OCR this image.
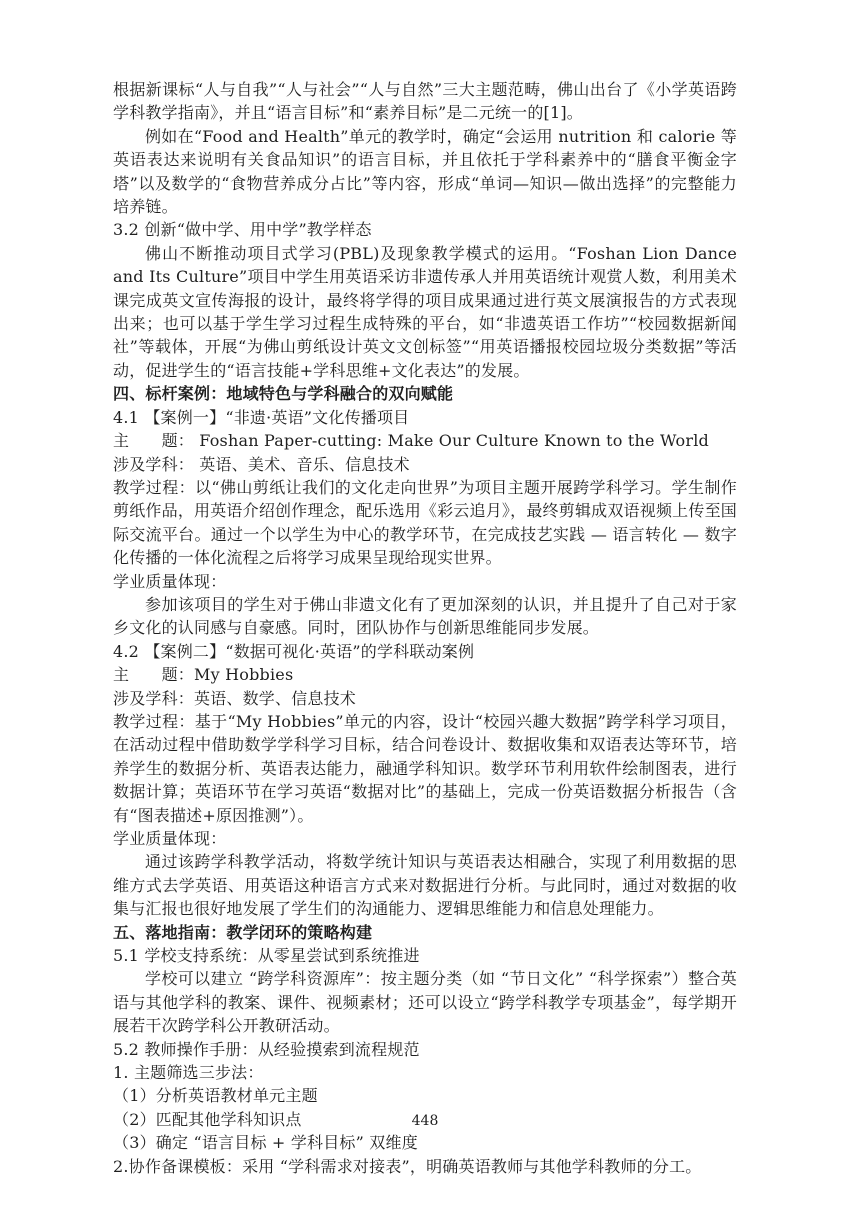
根据新课标“人与自我”“人与社会”“人与自然”三大主题范畴，佛山出台了《小学英语跨学科教学指南》，并且“语言目标”和“素养目标”是二元统一的[1]。

例如在“Food and Health”单元的教学时，确定“会运用 nutrition 和 calorie 等英语表达来说明有关食品知识”的语言目标，并且依托于学科素养中的“膳食平衡金字塔”以及数学的“食物营养成分占比”等内容，形成“单词—知识—做出选择”的完整能力培养链。

3.2 创新“做中学、用中学”教学样态

佛山不断推动项目式学习(PBL)及现象教学模式的运用。“Foshan Lion Dance and Its Culture”项目中学生用英语采访非遗传承人并用英语统计观赏人数，利用美术课完成英文宣传海报的设计，最终将学得的项目成果通过进行英文展演报告的方式表现出来；也可以基于学生学习过程生成特殊的平台，如“非遗英语工作坊”“校园数据新闻社”等载体，开展“为佛山剪纸设计英文文创标签”“用英语播报校园垃圾分类数据”等活动，促进学生的“语言技能+学科思维+文化表达”的发展。

四、标杆案例：地域特色与学科融合的双向赋能

4.1 【案例一】“非遗·英语”文化传播项目

主　　题： Foshan Paper-cutting: Make Our Culture Known to the World

涉及学科： 英语、美术、音乐、信息技术

教学过程：以“佛山剪纸让我们的文化走向世界”为项目主题开展跨学科学习。学生制作剪纸作品，用英语介绍创作理念，配乐选用《彩云追月》，最终剪辑成双语视频上传至国际交流平台。通过一个以学生为中心的教学环节，在完成技艺实践 — 语言转化 — 数字化传播的一体化流程之后将学习成果呈现给现实世界。

学业质量体现：

参加该项目的学生对于佛山非遗文化有了更加深刻的认识，并且提升了自己对于家乡文化的认同感与自豪感。同时，团队协作与创新思维能同步发展。

4.2 【案例二】“数据可视化·英语”的学科联动案例

主　　题：My Hobbies

涉及学科：英语、数学、信息技术

教学过程：基于“My Hobbies”单元的内容，设计“校园兴趣大数据”跨学科学习项目，在活动过程中借助数学学科学习目标，结合问卷设计、数据收集和双语表达等环节，培养学生的数据分析、英语表达能力，融通学科知识。数学环节利用软件绘制图表，进行数据计算；英语环节在学习英语“数据对比”的基础上，完成一份英语数据分析报告（含有“图表描述+原因推测”）。

学业质量体现：

通过该跨学科教学活动，将数学统计知识与英语表达相融合，实现了利用数据的思维方式去学英语、用英语这种语言方式来对数据进行分析。与此同时，通过对数据的收集与汇报也很好地发展了学生们的沟通能力、逻辑思维能力和信息处理能力。

五、落地指南：教学闭环的策略构建

5.1 学校支持系统：从零星尝试到系统推进

学校可以建立 “跨学科资源库”：按主题分类（如 “节日文化” “科学探索”）整合英语与其他学科的教案、课件、视频素材；还可以设立“跨学科教学专项基金”，每学期开展若干次跨学科公开教研活动。

5.2 教师操作手册：从经验摸索到流程规范

1. 主题筛选三步法：

（1）分析英语教材单元主题

（2）匹配其他学科知识点

（3）确定 “语言目标 + 学科目标” 双维度

2.协作备课模板：采用 “学科需求对接表”，明确英语教师与其他学科教师的分工。

448
